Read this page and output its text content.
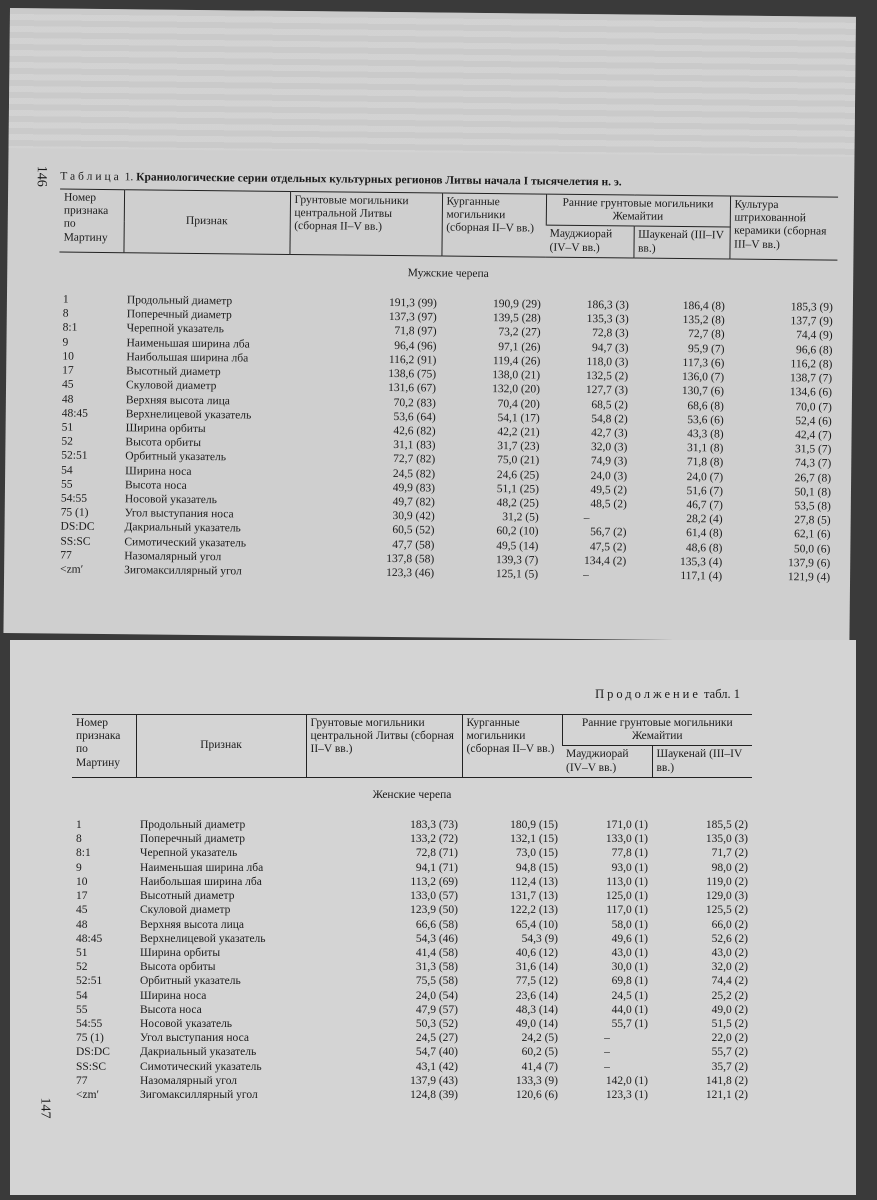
146 Таблица 1. Краниологические серии отдельных культурных регионов Литвы начала I тысячелетия н. э.
Номер признака по Мартину	Признак	Грунтовые могильники центральной Литвы (сборная II–V вв.)	Курганные могильники (сборная II–V вв.)	Ранние грунтовые могильники Жемайтии		Культура штрихованной керамики (сборная III–V вв.)
				Мауджиорай (IV–V вв.)	Шаукенай (III–IV вв.)	
Мужские черепа						
1	Продольный диаметр	191,3 (99)	190,9 (29)	186,3 (3)	186,4 (8)	185,3 (9)
8	Поперечный диаметр	137,3 (97)	139,5 (28)	135,3 (3)	135,2 (8)	137,7 (9)
8:1	Черепной указатель	71,8 (97)	73,2 (27)	72,8 (3)	72,7 (8)	74,4 (9)
9	Наименьшая ширина лба	96,4 (96)	97,1 (26)	94,7 (3)	95,9 (7)	96,6 (8)
10	Наибольшая ширина лба	116,2 (91)	119,4 (26)	118,0 (3)	117,3 (6)	116,2 (8)
17	Высотный диаметр	138,6 (75)	138,0 (21)	132,5 (2)	136,0 (7)	138,7 (7)
45	Скуловой диаметр	131,6 (67)	132,0 (20)	127,7 (3)	130,7 (6)	134,6 (6)
48	Верхняя высота лица	70,2 (83)	70,4 (20)	68,5 (2)	68,6 (8)	70,0 (7)
48:45	Верхнелицевой указатель	53,6 (64)	54,1 (17)	54,8 (2)	53,6 (6)	52,4 (6)
51	Ширина орбиты	42,6 (82)	42,2 (21)	42,7 (3)	43,3 (8)	42,4 (7)
52	Высота орбиты	31,1 (83)	31,7 (23)	32,0 (3)	31,1 (8)	31,5 (7)
52:51	Орбитный указатель	72,7 (82)	75,0 (21)	74,9 (3)	71,8 (8)	74,3 (7)
54	Ширина носа	24,5 (82)	24,6 (25)	24,0 (3)	24,0 (7)	26,7 (8)
55	Высота носа	49,9 (83)	51,1 (25)	49,5 (2)	51,6 (7)	50,1 (8)
54:55	Носовой указатель	49,7 (82)	48,2 (25)	48,5 (2)	46,7 (7)	53,5 (8)
75 (1)	Угол выступания носа	30,9 (42)	31,2 (5)	–	28,2 (4)	27,8 (5)
DS:DC	Дакриальный указатель	60,5 (52)	60,2 (10)	56,7 (2)	61,4 (8)	62,1 (6)
SS:SC	Симотический указатель	47,7 (58)	49,5 (14)	47,5 (2)	48,6 (8)	50,0 (6)
77	Назомалярный угол	137,8 (58)	139,3 (7)	134,4 (2)	135,3 (4)	137,9 (6)
<zm′	Зигомаксиллярный угол	123,3 (46)	125,1 (5)	–	117,1 (4)	121,9 (4)
Продолжение табл. 1
147
Номер признака по Мартину	Признак	Грунтовые могильники центральной Литвы (сборная II–V вв.)	Курганные могильники (сборная II–V вв.)	Ранние грунтовые могильники Жемайтии	
				Мауджиорай (IV–V вв.)	Шаукенай (III–IV вв.)
Женские черепа					
1	Продольный диаметр	183,3 (73)	180,9 (15)	171,0 (1)	185,5 (2)
8	Поперечный диаметр	133,2 (72)	132,1 (15)	133,0 (1)	135,0 (3)
8:1	Черепной указатель	72,8 (71)	73,0 (15)	77,8 (1)	71,7 (2)
9	Наименьшая ширина лба	94,1 (71)	94,8 (15)	93,0 (1)	98,0 (2)
10	Наибольшая ширина лба	113,2 (69)	112,4 (13)	113,0 (1)	119,0 (2)
17	Высотный диаметр	133,0 (57)	131,7 (13)	125,0 (1)	129,0 (3)
45	Скуловой диаметр	123,9 (50)	122,2 (13)	117,0 (1)	125,5 (2)
48	Верхняя высота лица	66,6 (58)	65,4 (10)	58,0 (1)	66,0 (2)
48:45	Верхнелицевой указатель	54,3 (46)	54,3 (9)	49,6 (1)	52,6 (2)
51	Ширина орбиты	41,4 (58)	40,6 (12)	43,0 (1)	43,0 (2)
52	Высота орбиты	31,3 (58)	31,6 (14)	30,0 (1)	32,0 (2)
52:51	Орбитный указатель	75,5 (58)	77,5 (12)	69,8 (1)	74,4 (2)
54	Ширина носа	24,0 (54)	23,6 (14)	24,5 (1)	25,2 (2)
55	Высота носа	47,9 (57)	48,3 (14)	44,0 (1)	49,0 (2)
54:55	Носовой указатель	50,3 (52)	49,0 (14)	55,7 (1)	51,5 (2)
75 (1)	Угол выступания носа	24,5 (27)	24,2 (5)	–	22,0 (2)
DS:DC	Дакриальный указатель	54,7 (40)	60,2 (5)	–	55,7 (2)
SS:SC	Симотический указатель	43,1 (42)	41,4 (7)	–	35,7 (2)
77	Назомалярный угол	137,9 (43)	133,3 (9)	142,0 (1)	141,8 (2)
<zm′	Зигомаксиллярный угол	124,8 (39)	120,6 (6)	123,3 (1)	121,1 (2)
